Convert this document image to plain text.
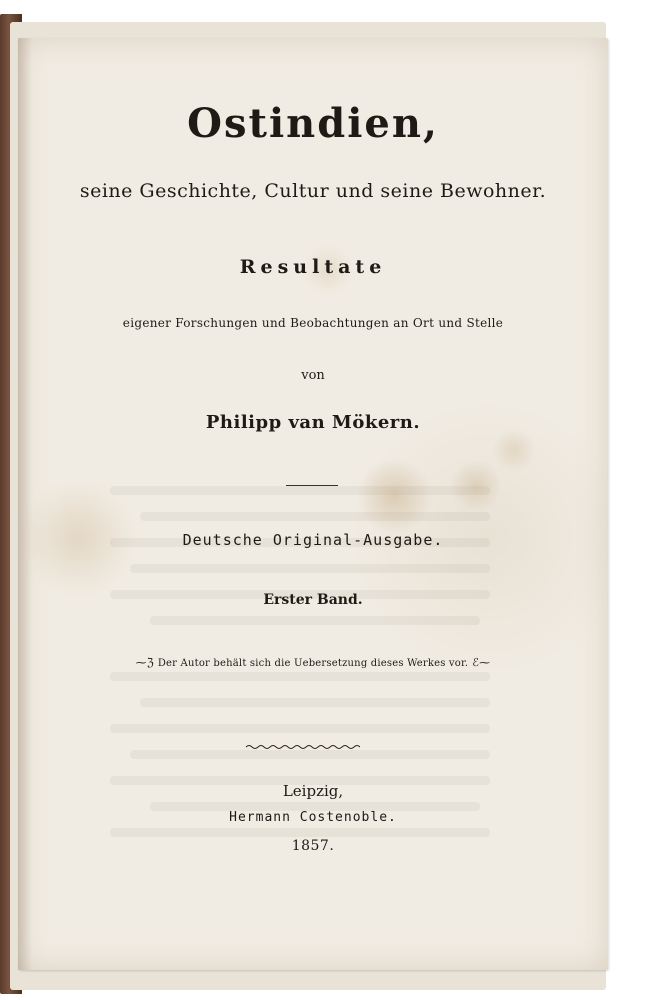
Ostindien,
seine Geschichte, Cultur und seine Bewohner.
Resultate
eigener Forschungen und Beobachtungen an Ort und Stelle
von
Philipp van Mökern.
Deutsche Original-Ausgabe.
Erster Band.
⁓ℨ Der Autor behält sich die Uebersetzung dieses Werkes vor. ℰ⁓
Leipzig,
Hermann Costenoble.
1857.
